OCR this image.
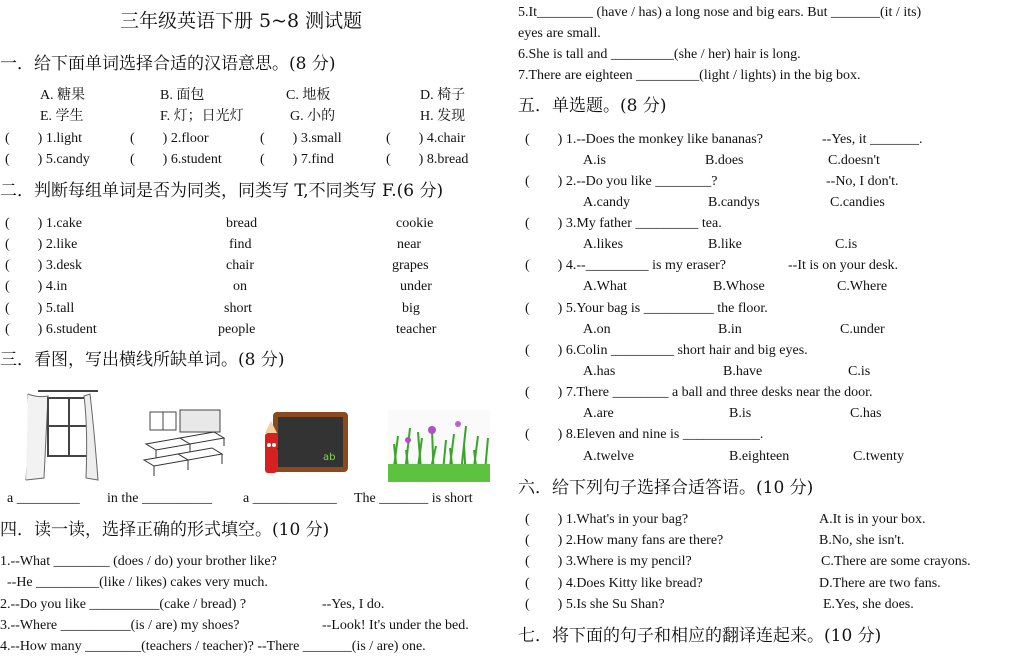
三年级英语下册 5~8 测试题
一．给下面单词选择合适的汉语意思。(8 分)
A. 糖果	B. 面包	C. 地板	D. 椅子
E. 学生	F. 灯；日光灯	G. 小的	H. 发现
(　　) 1.light	(　　) 2.floor	(　　) 3.small	(　　) 4.chair
(　　) 5.candy	(　　) 6.student	(　　) 7.find	(　　) 8.bread
二．判断每组单词是否为同类，同类写 T,不同类写 F.(6 分)
(　　) 1.cake	bread	cookie
(　　) 2.like	find	near
(　　) 3.desk	chair	grapes
(　　) 4.in	on	under
(　　) 5.tall	short	big
(　　) 6.student	people	teacher
三．看图，写出横线所缺单词。(8 分)
ab
a _________ in the __________ a ____________ The _______ is short
四．读一读，选择正确的形式填空。(10 分)
1.--What ________ (does / do) your brother like?
--He _________(like / likes) cakes very much.
2.--Do you like __________(cake / bread) ?	--Yes, I do.
3.--Where __________(is / are) my shoes?	--Look! It's under the bed.
4.--How many ________(teachers / teacher)? --There _______(is / are) one.
5.It________ (have / has) a long nose and big ears. But _______(it / its)
eyes are small.
6.She is tall and _________(she / her) hair is long.
7.There are eighteen _________(light / lights) in the big box.
五．单选题。(8 分)
(　　) 1.--Does the monkey like bananas?	--Yes, it _______.
A.is	B.does	C.doesn't
(　　) 2.--Do you like ________?	--No, I don't.
A.candy	B.candys	C.candies
(　　) 3.My father _________ tea.
A.likes	B.like	C.is
(　　) 4.--_________ is my eraser?	--It is on your desk.
A.What	B.Whose	C.Where
(　　) 5.Your bag is __________ the floor.
A.on	B.in	C.under
(　　) 6.Colin _________ short hair and big eyes.
A.has	B.have	C.is
(　　) 7.There ________ a ball and three desks near the door.
A.are	B.is	C.has
(　　) 8.Eleven and nine is ___________.
A.twelve	B.eighteen	C.twenty
六．给下列句子选择合适答语。(10 分)
(　　) 1.What's in your bag?	A.It is in your box.
(　　) 2.How many fans are there?	B.No, she isn't.
(　　) 3.Where is my pencil?	C.There are some crayons.
(　　) 4.Does Kitty like bread?	D.There are two fans.
(　　) 5.Is she Su Shan?	E.Yes, she does.
七．将下面的句子和相应的翻译连起来。(10 分)
